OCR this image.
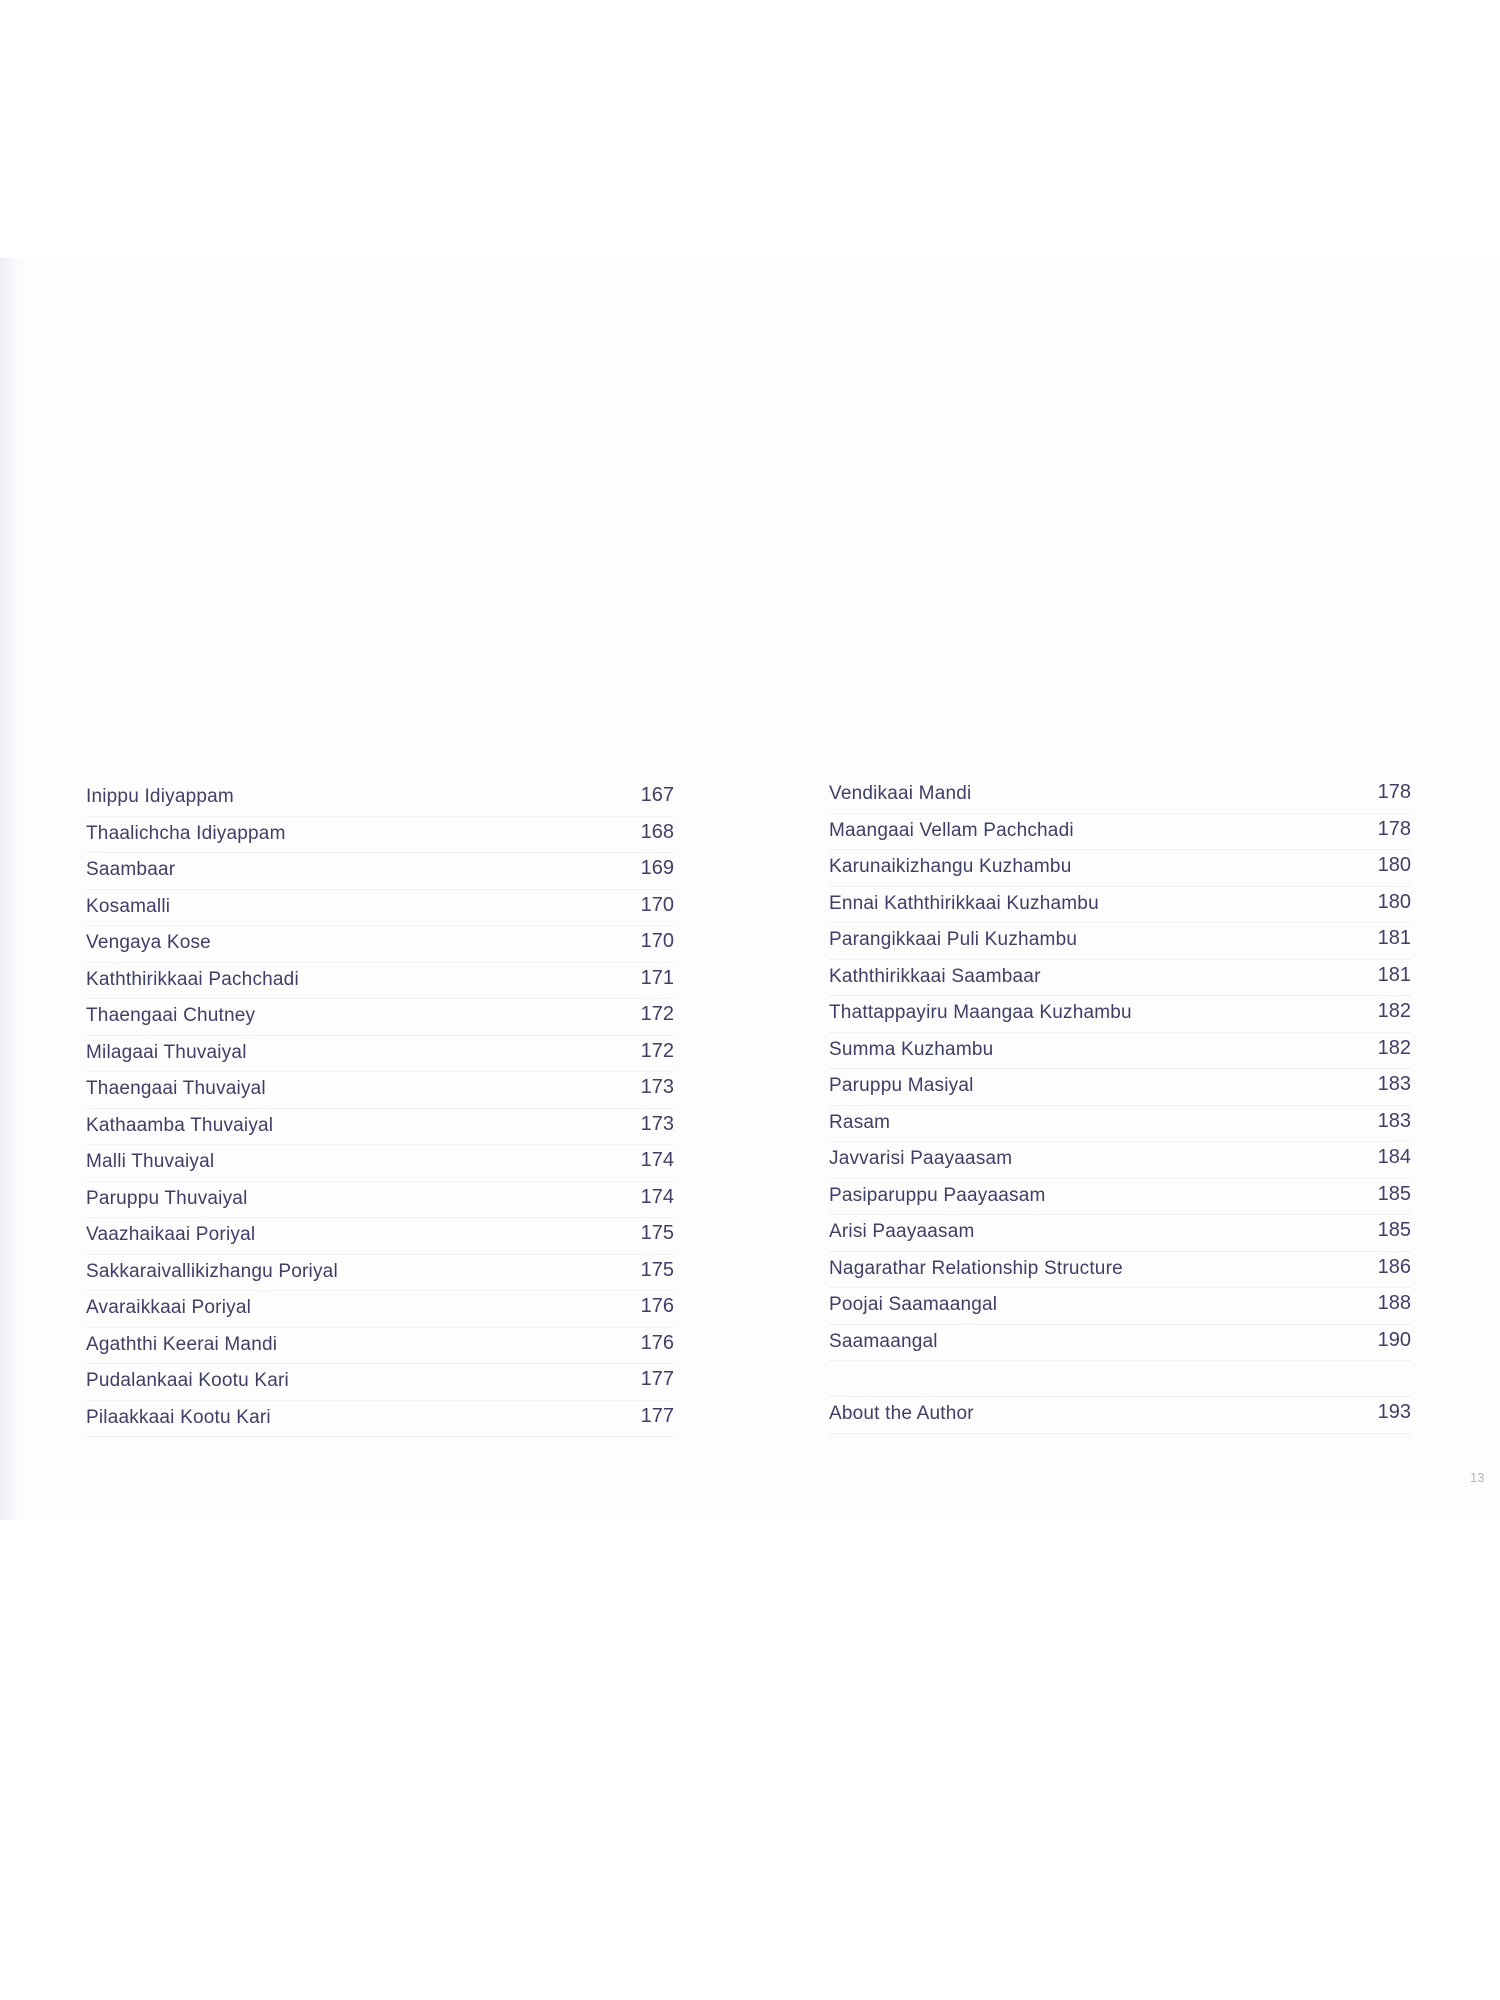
Inippu Idiyappam	167
Thaalichcha Idiyappam	168
Saambaar	169
Kosamalli	170
Vengaya Kose	170
Kaththirikkaai Pachchadi	171
Thaengaai Chutney	172
Milagaai Thuvaiyal	172
Thaengaai Thuvaiyal	173
Kathaamba Thuvaiyal	173
Malli Thuvaiyal	174
Paruppu Thuvaiyal	174
Vaazhaikaai Poriyal	175
Sakkaraivallikizhangu Poriyal	175
Avaraikkaai Poriyal	176
Agaththi Keerai Mandi	176
Pudalankaai Kootu Kari	177
Pilaakkaai Kootu Kari	177
Vendikaai Mandi	178
Maangaai Vellam Pachchadi	178
Karunaikizhangu Kuzhambu	180
Ennai Kaththirikkaai Kuzhambu	180
Parangikkaai Puli Kuzhambu	181
Kaththirikkaai Saambaar	181
Thattappayiru Maangaa Kuzhambu	182
Summa Kuzhambu	182
Paruppu Masiyal	183
Rasam	183
Javvarisi Paayaasam	184
Pasiparuppu Paayaasam	185
Arisi Paayaasam	185
Nagarathar Relationship Structure	186
Poojai Saamaangal	188
Saamaangal	190
About the Author	193
13
